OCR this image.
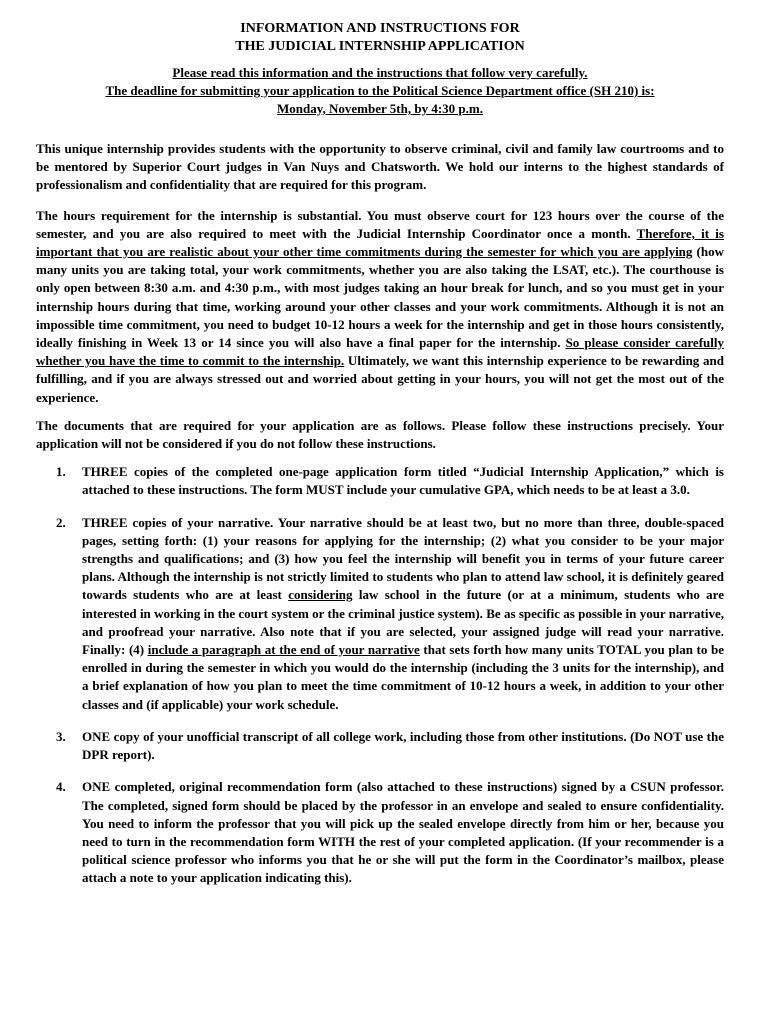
INFORMATION AND INSTRUCTIONS FOR
THE JUDICIAL INTERNSHIP APPLICATION
Please read this information and the instructions that follow very carefully.
The deadline for submitting your application to the Political Science Department office (SH 210) is:
Monday, November 5th, by 4:30 p.m.

This unique internship provides students with the opportunity to observe criminal, civil and family law courtrooms and to be mentored by Superior Court judges in Van Nuys and Chatsworth. We hold our interns to the highest standards of professionalism and confidentiality that are required for this program.

The hours requirement for the internship is substantial. You must observe court for 123 hours over the course of the semester, and you are also required to meet with the Judicial Internship Coordinator once a month. Therefore, it is important that you are realistic about your other time commitments during the semester for which you are applying (how many units you are taking total, your work commitments, whether you are also taking the LSAT, etc.). The courthouse is only open between 8:30 a.m. and 4:30 p.m., with most judges taking an hour break for lunch, and so you must get in your internship hours during that time, working around your other classes and your work commitments. Although it is not an impossible time commitment, you need to budget 10-12 hours a week for the internship and get in those hours consistently, ideally finishing in Week 13 or 14 since you will also have a final paper for the internship. So please consider carefully whether you have the time to commit to the internship. Ultimately, we want this internship experience to be rewarding and fulfilling, and if you are always stressed out and worried about getting in your hours, you will not get the most out of the experience.

The documents that are required for your application are as follows. Please follow these instructions precisely. Your application will not be considered if you do not follow these instructions.

1. THREE copies of the completed one-page application form titled “Judicial Internship Application,” which is attached to these instructions. The form MUST include your cumulative GPA, which needs to be at least a 3.0.
2. THREE copies of your narrative. Your narrative should be at least two, but no more than three, double-spaced pages, setting forth: (1) your reasons for applying for the internship; (2) what you consider to be your major strengths and qualifications; and (3) how you feel the internship will benefit you in terms of your future career plans. Although the internship is not strictly limited to students who plan to attend law school, it is definitely geared towards students who are at least considering law school in the future (or at a minimum, students who are interested in working in the court system or the criminal justice system). Be as specific as possible in your narrative, and proofread your narrative. Also note that if you are selected, your assigned judge will read your narrative. Finally: (4) include a paragraph at the end of your narrative that sets forth how many units TOTAL you plan to be enrolled in during the semester in which you would do the internship (including the 3 units for the internship), and a brief explanation of how you plan to meet the time commitment of 10-12 hours a week, in addition to your other classes and (if applicable) your work schedule.
3. ONE copy of your unofficial transcript of all college work, including those from other institutions. (Do NOT use the DPR report).
4. ONE completed, original recommendation form (also attached to these instructions) signed by a CSUN professor. The completed, signed form should be placed by the professor in an envelope and sealed to ensure confidentiality. You need to inform the professor that you will pick up the sealed envelope directly from him or her, because you need to turn in the recommendation form WITH the rest of your completed application. (If your recommender is a political science professor who informs you that he or she will put the form in the Coordinator’s mailbox, please attach a note to your application indicating this).
